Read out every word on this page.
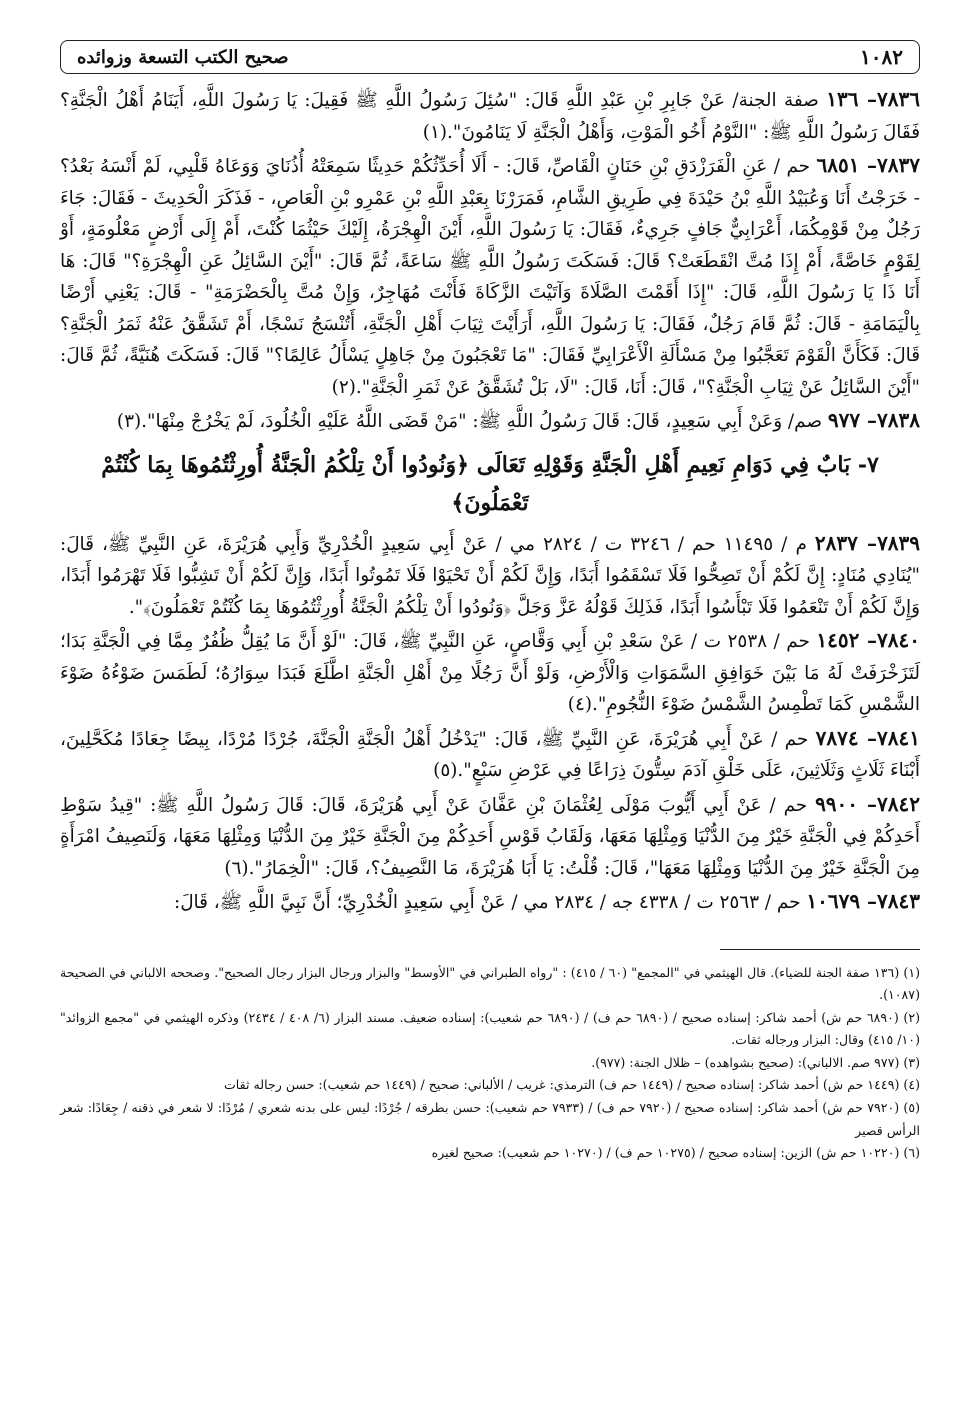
١٠٨٢
صحيح الكتب التسعة وزوائده

٧٨٣٦– ١٣٦ صفة الجنة/ عَنْ جَابِرِ بْنِ عَبْدِ اللَّهِ قَالَ: "سُئِلَ رَسُولُ اللَّهِ ﷺ فَقِيلَ: يَا رَسُولَ اللَّهِ، أَيَنَامُ أَهْلُ الْجَنَّةِ؟ فَقَالَ رَسُولُ اللَّهِ ﷺ: "النَّوْمُ أَخُو الْمَوْتِ، وَأَهْلُ الْجَنَّةِ لَا يَنَامُونَ".(١)

٧٨٣٧– ٦٨٥١ حم / عَنِ الْفَرَزْدَقِ بْنِ حَنَانٍ الْقَاصِّ، قَالَ: - أَلَا أُحَدِّثُكُمْ حَدِيثًا سَمِعَتْهُ أُذُنَايَ وَوَعَاهُ قَلْبِي، لَمْ أَنْسَهُ بَعْدُ؟ - خَرَجْتُ أَنَا وَعُبَيْدُ اللَّهِ بْنُ حَيْدَةَ فِي طَرِيقِ الشَّامِ، فَمَرَرْنَا بِعَبْدِ اللَّهِ بْنِ عَمْرِو بْنِ الْعَاصِ، - فَذَكَرَ الْحَدِيثَ - فَقَالَ: جَاءَ رَجُلٌ مِنْ قَوْمِكُمَا، أَعْرَابِيٌّ جَافٍ جَرِيءٌ، فَقَالَ: يَا رَسُولَ اللَّهِ، أَيْنَ الْهِجْرَةُ، إِلَيْكَ حَيْثُمَا كُنْتَ، أَمْ إِلَى أَرْضٍ مَعْلُومَةٍ، أَوْ لِقَوْمٍ خَاصَّةً، أَمْ إِذَا مُتَّ انْقَطَعَتْ؟ قَالَ: فَسَكَتَ رَسُولُ اللَّهِ ﷺ سَاعَةً، ثُمَّ قَالَ: "أَيْنَ السَّائِلُ عَنِ الْهِجْرَةِ؟" قَالَ: هَا أَنَا ذَا يَا رَسُولَ اللَّهِ، قَالَ: "إِذَا أَقَمْتَ الصَّلَاةَ وَآتَيْتَ الزَّكَاةَ فَأَنْتَ مُهَاجِرٌ، وَإِنْ مُتَّ بِالْحَضْرَمَةِ" - قَالَ: يَعْنِي أَرْضًا بِالْيَمَامَةِ - قَالَ: ثُمَّ قَامَ رَجُلٌ، فَقَالَ: يَا رَسُولَ اللَّهِ، أَرَأَيْتَ ثِيَابَ أَهْلِ الْجَنَّةِ، أَتُنْسَجُ نَسْجًا، أَمْ تَشَقَّقُ عَنْهُ ثَمَرُ الْجَنَّةِ؟ قَالَ: فَكَأَنَّ الْقَوْمَ تَعَجَّبُوا مِنْ مَسْأَلَةِ الْأَعْرَابِيِّ فَقَالَ: "مَا تَعْجَبُونَ مِنْ جَاهِلٍ يَسْأَلُ عَالِمًا؟" قَالَ: فَسَكَتَ هُنَيَّةً، ثُمَّ قَالَ: "أَيْنَ السَّائِلُ عَنْ ثِيَابِ الْجَنَّةِ؟"، قَالَ: أَنَا، قَالَ: "لَا، بَلْ تُشَقَّقُ عَنْ ثَمَرِ الْجَنَّةِ".(٢)

٧٨٣٨– ٩٧٧ صم/ وَعَنْ أَبِي سَعِيدٍ، قَالَ: قَالَ رَسُولُ اللَّهِ ﷺ: "مَنْ قَضَى اللَّهُ عَلَيْهِ الْخُلُودَ، لَمْ يَخْرُجْ مِنْهَا".(٣)

٧- بَابٌ فِي دَوَامِ نَعِيمِ أَهْلِ الْجَنَّةِ وَقَوْلِهِ تَعَالَى ﴿وَنُودُوا أَنْ تِلْكُمُ الْجَنَّةُ أُورِثْتُمُوهَا بِمَا كُنْتُمْ تَعْمَلُونَ﴾

٧٨٣٩– ٢٨٣٧ م / ١١٤٩٥ حم / ٣٢٤٦ ت / ٢٨٢٤ مي / عَنْ أَبِي سَعِيدٍ الْخُدْرِيِّ وَأَبِي هُرَيْرَةَ، عَنِ النَّبِيِّ ﷺ، قَالَ: "يُنَادِي مُنَادٍ: إِنَّ لَكُمْ أَنْ تَصِحُّوا فَلَا تَسْقَمُوا أَبَدًا، وَإِنَّ لَكُمْ أَنْ تَحْيَوْا فَلَا تَمُوتُوا أَبَدًا، وَإِنَّ لَكُمْ أَنْ تَشِبُّوا فَلَا تَهْرَمُوا أَبَدًا، وَإِنَّ لَكُمْ أَنْ تَنْعَمُوا فَلَا تَبْأَسُوا أَبَدًا، فَذَلِكَ قَوْلُهُ عَزَّ وَجَلَّ ﴿وَنُودُوا أَنْ تِلْكُمُ الْجَنَّةُ أُورِثْتُمُوهَا بِمَا كُنْتُمْ تَعْمَلُونَ﴾".

٧٨٤٠– ١٤٥٢ حم / ٢٥٣٨ ت / عَنْ سَعْدِ بْنِ أَبِي وَقَّاصٍ، عَنِ النَّبِيِّ ﷺ، قَالَ: "لَوْ أَنَّ مَا يُقِلُّ ظُفُرٌ مِمَّا فِي الْجَنَّةِ بَدَا؛ لَتَزَخْرَفَتْ لَهُ مَا بَيْنَ خَوَافِقِ السَّمَوَاتِ وَالْأَرْضِ، وَلَوْ أَنَّ رَجُلًا مِنْ أَهْلِ الْجَنَّةِ اطَّلَعَ فَبَدَا سِوَارُهُ؛ لَطَمَسَ ضَوْءُهُ ضَوْءَ الشَّمْسِ كَمَا تَطْمِسُ الشَّمْسُ ضَوْءَ النُّجُومِ".(٤)

٧٨٤١– ٧٨٧٤ حم / عَنْ أَبِي هُرَيْرَةَ، عَنِ النَّبِيِّ ﷺ، قَالَ: "يَدْخُلُ أَهْلُ الْجَنَّةِ الْجَنَّةَ، جُرْدًا مُرْدًا، بِيضًا جِعَادًا مُكَحَّلِينَ، أَبْنَاءَ ثَلَاثٍ وَثَلَاثِينَ، عَلَى خَلْقِ آدَمَ سِتُّونَ ذِرَاعًا فِي عَرْضِ سَبْعٍ".(٥)

٧٨٤٢– ٩٩٠٠ حم / عَنْ أَبِي أَيُّوبَ مَوْلَى لِعُثْمَانَ بْنِ عَفَّانَ عَنْ أَبِي هُرَيْرَةَ، قَالَ: قَالَ رَسُولُ اللَّهِ ﷺ: "قِيدُ سَوْطِ أَحَدِكُمْ فِي الْجَنَّةِ خَيْرٌ مِنَ الدُّنْيَا وَمِثْلِهَا مَعَهَا، وَلَقَابُ قَوْسِ أَحَدِكُمْ مِنَ الْجَنَّةِ خَيْرٌ مِنَ الدُّنْيَا وَمِثْلِهَا مَعَهَا، وَلَنَصِيفُ امْرَأَةٍ مِنَ الْجَنَّةِ خَيْرٌ مِنَ الدُّنْيَا وَمِثْلِهَا مَعَهَا"، قَالَ: قُلْتُ: يَا أَبَا هُرَيْرَةَ، مَا النَّصِيفُ؟، قَالَ: "الْخِمَارُ".(٦)

٧٨٤٣– ١٠٦٧٩ حم / ٢٥٦٣ ت / ٤٣٣٨ جه / ٢٨٣٤ مي / عَنْ أَبِي سَعِيدٍ الْخُدْرِيِّ؛ أَنَّ نَبِيَّ اللَّهِ ﷺ، قَالَ:

(١) (١٣٦ صفة الجنة للضياء). قال الهيثمي في "المجمع" (٦٠ / ٤١٥) : "رواه الطبراني في "الأوسط" والبزار ورجال البزار رجال الصحيح". وصححه الالباني في الصحيحة (١٠٨٧).

(٢) (٦٨٩٠ حم ش) أحمد شاكر: إسناده صحيح / (٦٨٩٠ حم ف) / (٦٨٩٠ حم شعيب): إسناده ضعيف. مسند البزار (٦/ ٤٠٨ / ٢٤٣٤) وذكره الهيثمي في "مجمع الزوائد" (١٠/ ٤١٥) وقال: البزار ورجاله ثقات.

(٣) (٩٧٧ صم. الالباني): (صحيح بشواهده) – ظلال الجنة: (٩٧٧).

(٤) (١٤٤٩ حم ش) أحمد شاكر: إسناده صحيح / (١٤٤٩ حم ف) الترمذي: غريب / الألباني: صحيح / (١٤٤٩ حم شعيب): حسن رجاله ثقات

(٥) (٧٩٢٠ حم ش) أحمد شاكر: إسناده صحيح / (٧٩٢٠ حم ف) / (٧٩٣٣ حم شعيب): حسن بطرقه / جُرْدًا: ليس على بدنه شعري / مُرْدًا: لا شعر في ذقنه / جِعَادًا: شعر الرأس قصير

(٦) (١٠٢٢٠ حم ش) الزين: إسناده صحيح / (١٠٢٧٥ حم ف) / (١٠٢٧٠ حم شعيب): صحيح لغيره
